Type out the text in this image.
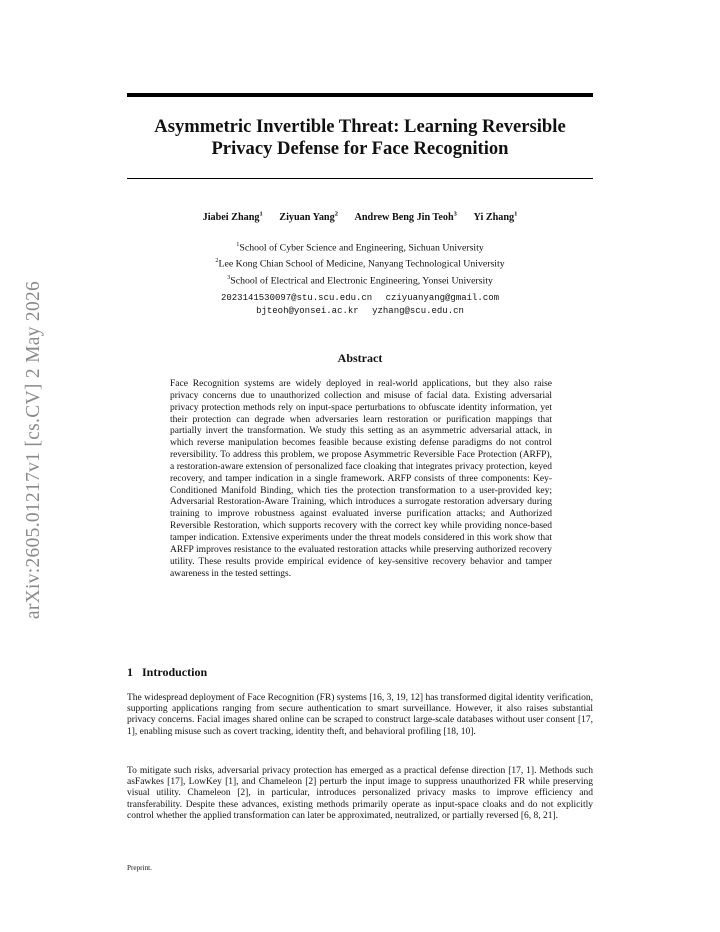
arXiv:2605.01217v1 [cs.CV] 2 May 2026
Asymmetric Invertible Threat: Learning Reversible Privacy Defense for Face Recognition
Jiabei Zhang$^1$ Ziyuan Yang$^2$ Andrew Beng Jin Teoh$^3$ Yi Zhang$^1$
$^1$School of Cyber Science and Engineering, Sichuan University
$^2$Lee Kong Chian School of Medicine, Nanyang Technological University
$^3$School of Electrical and Electronic Engineering, Yonsei University
2023141530097@stu.scu.edu.cn cziyuanyang@gmail.com
bjteoh@yonsei.ac.kr yzhang@scu.edu.cn
Abstract
Face Recognition systems are widely deployed in real-world applications, but they also raise privacy concerns due to unauthorized collection and misuse of facial data. Existing adversarial privacy protection methods rely on input-space perturbations to obfuscate identity information, yet their protection can degrade when adversaries learn restoration or purification mappings that partially invert the transformation. We study this setting as an asymmetric adversarial attack, in which reverse manipulation becomes feasible because existing defense paradigms do not control reversibility. To address this problem, we propose Asymmetric Reversible Face Protection (ARFP), a restoration-aware extension of personalized face cloaking that integrates privacy protection, keyed recovery, and tamper indication in a single framework. ARFP consists of three components: Key-Conditioned Manifold Binding, which ties the protection transformation to a user-provided key; Adversarial Restoration-Aware Training, which introduces a surrogate restoration adversary during training to improve robustness against evaluated inverse purification attacks; and Authorized Reversible Restoration, which supports recovery with the correct key while providing nonce-based tamper indication. Extensive experiments under the threat models considered in this work show that ARFP improves resistance to the evaluated restoration attacks while preserving authorized recovery utility. These results provide empirical evidence of key-sensitive recovery behavior and tamper awareness in the tested settings.
1 Introduction
The widespread deployment of Face Recognition (FR) systems [16, 3, 19, 12] has transformed digital identity verification, supporting applications ranging from secure authentication to smart surveillance. However, it also raises substantial privacy concerns. Facial images shared online can be scraped to construct large-scale databases without user consent [17, 1], enabling misuse such as covert tracking, identity theft, and behavioral profiling [18, 10].
To mitigate such risks, adversarial privacy protection has emerged as a practical defense direction [17, 1]. Methods such asFawkes [17], LowKey [1], and Chameleon [2] perturb the input image to suppress unauthorized FR while preserving visual utility. Chameleon [2], in particular, introduces personalized privacy masks to improve efficiency and transferability. Despite these advances, existing methods primarily operate as input-space cloaks and do not explicitly control whether the applied transformation can later be approximated, neutralized, or partially reversed [6, 8, 21].
Preprint.
